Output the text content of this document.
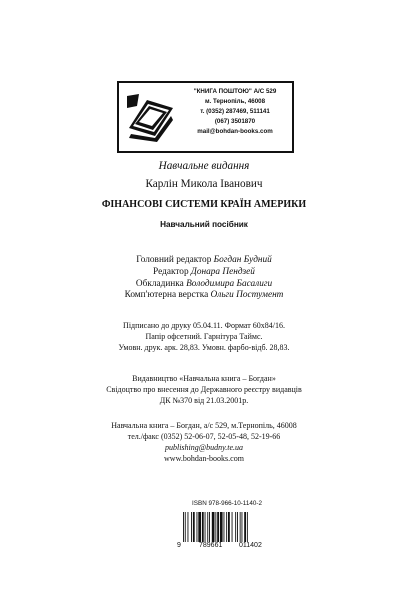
"КНИГА ПОШТОЮ" А/С 529
м. Тернопіль, 46008
т. (0352) 287469, 511141
(067) 3501870
mail@bohdan-books.com
Навчальне видання
Карлін Микола Іванович
ФІНАНСОВІ СИСТЕМИ КРАЇН АМЕРИКИ
Навчальний посібник
Головний редактор Богдан Будний
Редактор Донара Пендзей
Обкладинка Володимира Басалиги
Комп'ютерна верстка Ольги Постумент
Підписано до друку 05.04.11. Формат 60х84/16.
Папір офсетний. Гарнітура Таймс.
Умовн. друк. арк. 28,83. Умовн. фарбо-відб. 28,83.
Видавництво «Навчальна книга – Богдан»
Свідоцтво про внесення до Державного реєстру видавців
ДК №370 від 21.03.2001р.
Навчальна книга – Богдан, а/с 529, м.Тернопіль, 46008
тел./факс (0352) 52-06-07, 52-05-48, 52-19-66
publishing@budny.te.ua
www.bohdan-books.com
ISBN 978-966-10-1140-2
9	789661 011402
